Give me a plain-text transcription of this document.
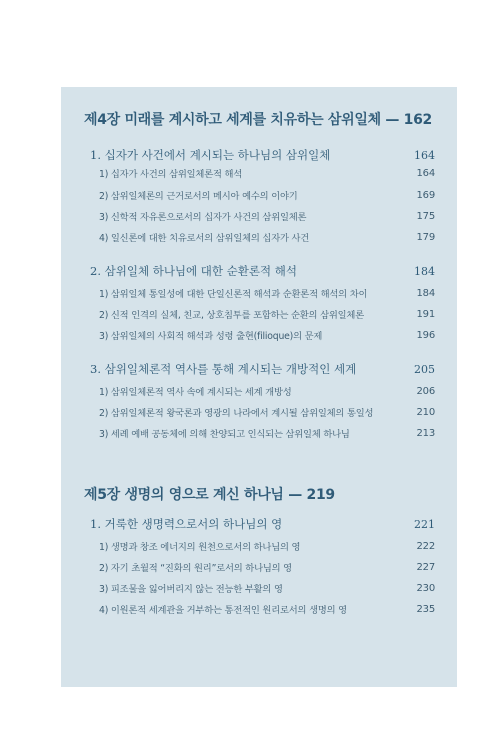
제4장 미래를 계시하고 세계를 치유하는 삼위일체 — 162
1. 십자가 사건에서 계시되는 하나님의 삼위일체	164
1) 십자가 사건의 삼위일체론적 해석	164
2) 삼위일체론의 근거로서의 메시아 예수의 이야기	169
3) 신학적 자유론으로서의 십자가 사건의 삼위일체론	175
4) 일신론에 대한 치유로서의 삼위일체의 십자가 사건	179
2. 삼위일체 하나님에 대한 순환론적 해석	184
1) 삼위일체 통일성에 대한 단일신론적 해석과 순환론적 해석의 차이	184
2) 신적 인격의 실체, 친교, 상호침투를 포함하는 순환의 삼위일체론	191
3) 삼위일체의 사회적 해석과 성령 출현(filioque)의 문제	196
3. 삼위일체론적 역사를 통해 계시되는 개방적인 세계	205
1) 삼위일체론적 역사 속에 계시되는 세계 개방성	206
2) 삼위일체론적 왕국론과 영광의 나라에서 계시될 삼위일체의 통일성	210
3) 세례 예배 공동체에 의해 찬양되고 인식되는 삼위일체 하나님	213
제5장 생명의 영으로 계신 하나님 — 219
1. 거룩한 생명력으로서의 하나님의 영	221
1) 생명과 창조 에너지의 원천으로서의 하나님의 영	222
2) 자기 초월적 “진화의 원리”로서의 하나님의 영	227
3) 피조물을 잃어버리지 않는 전능한 부활의 영	230
4) 이원론적 세계관을 거부하는 통전적인 원리로서의 생명의 영	235
